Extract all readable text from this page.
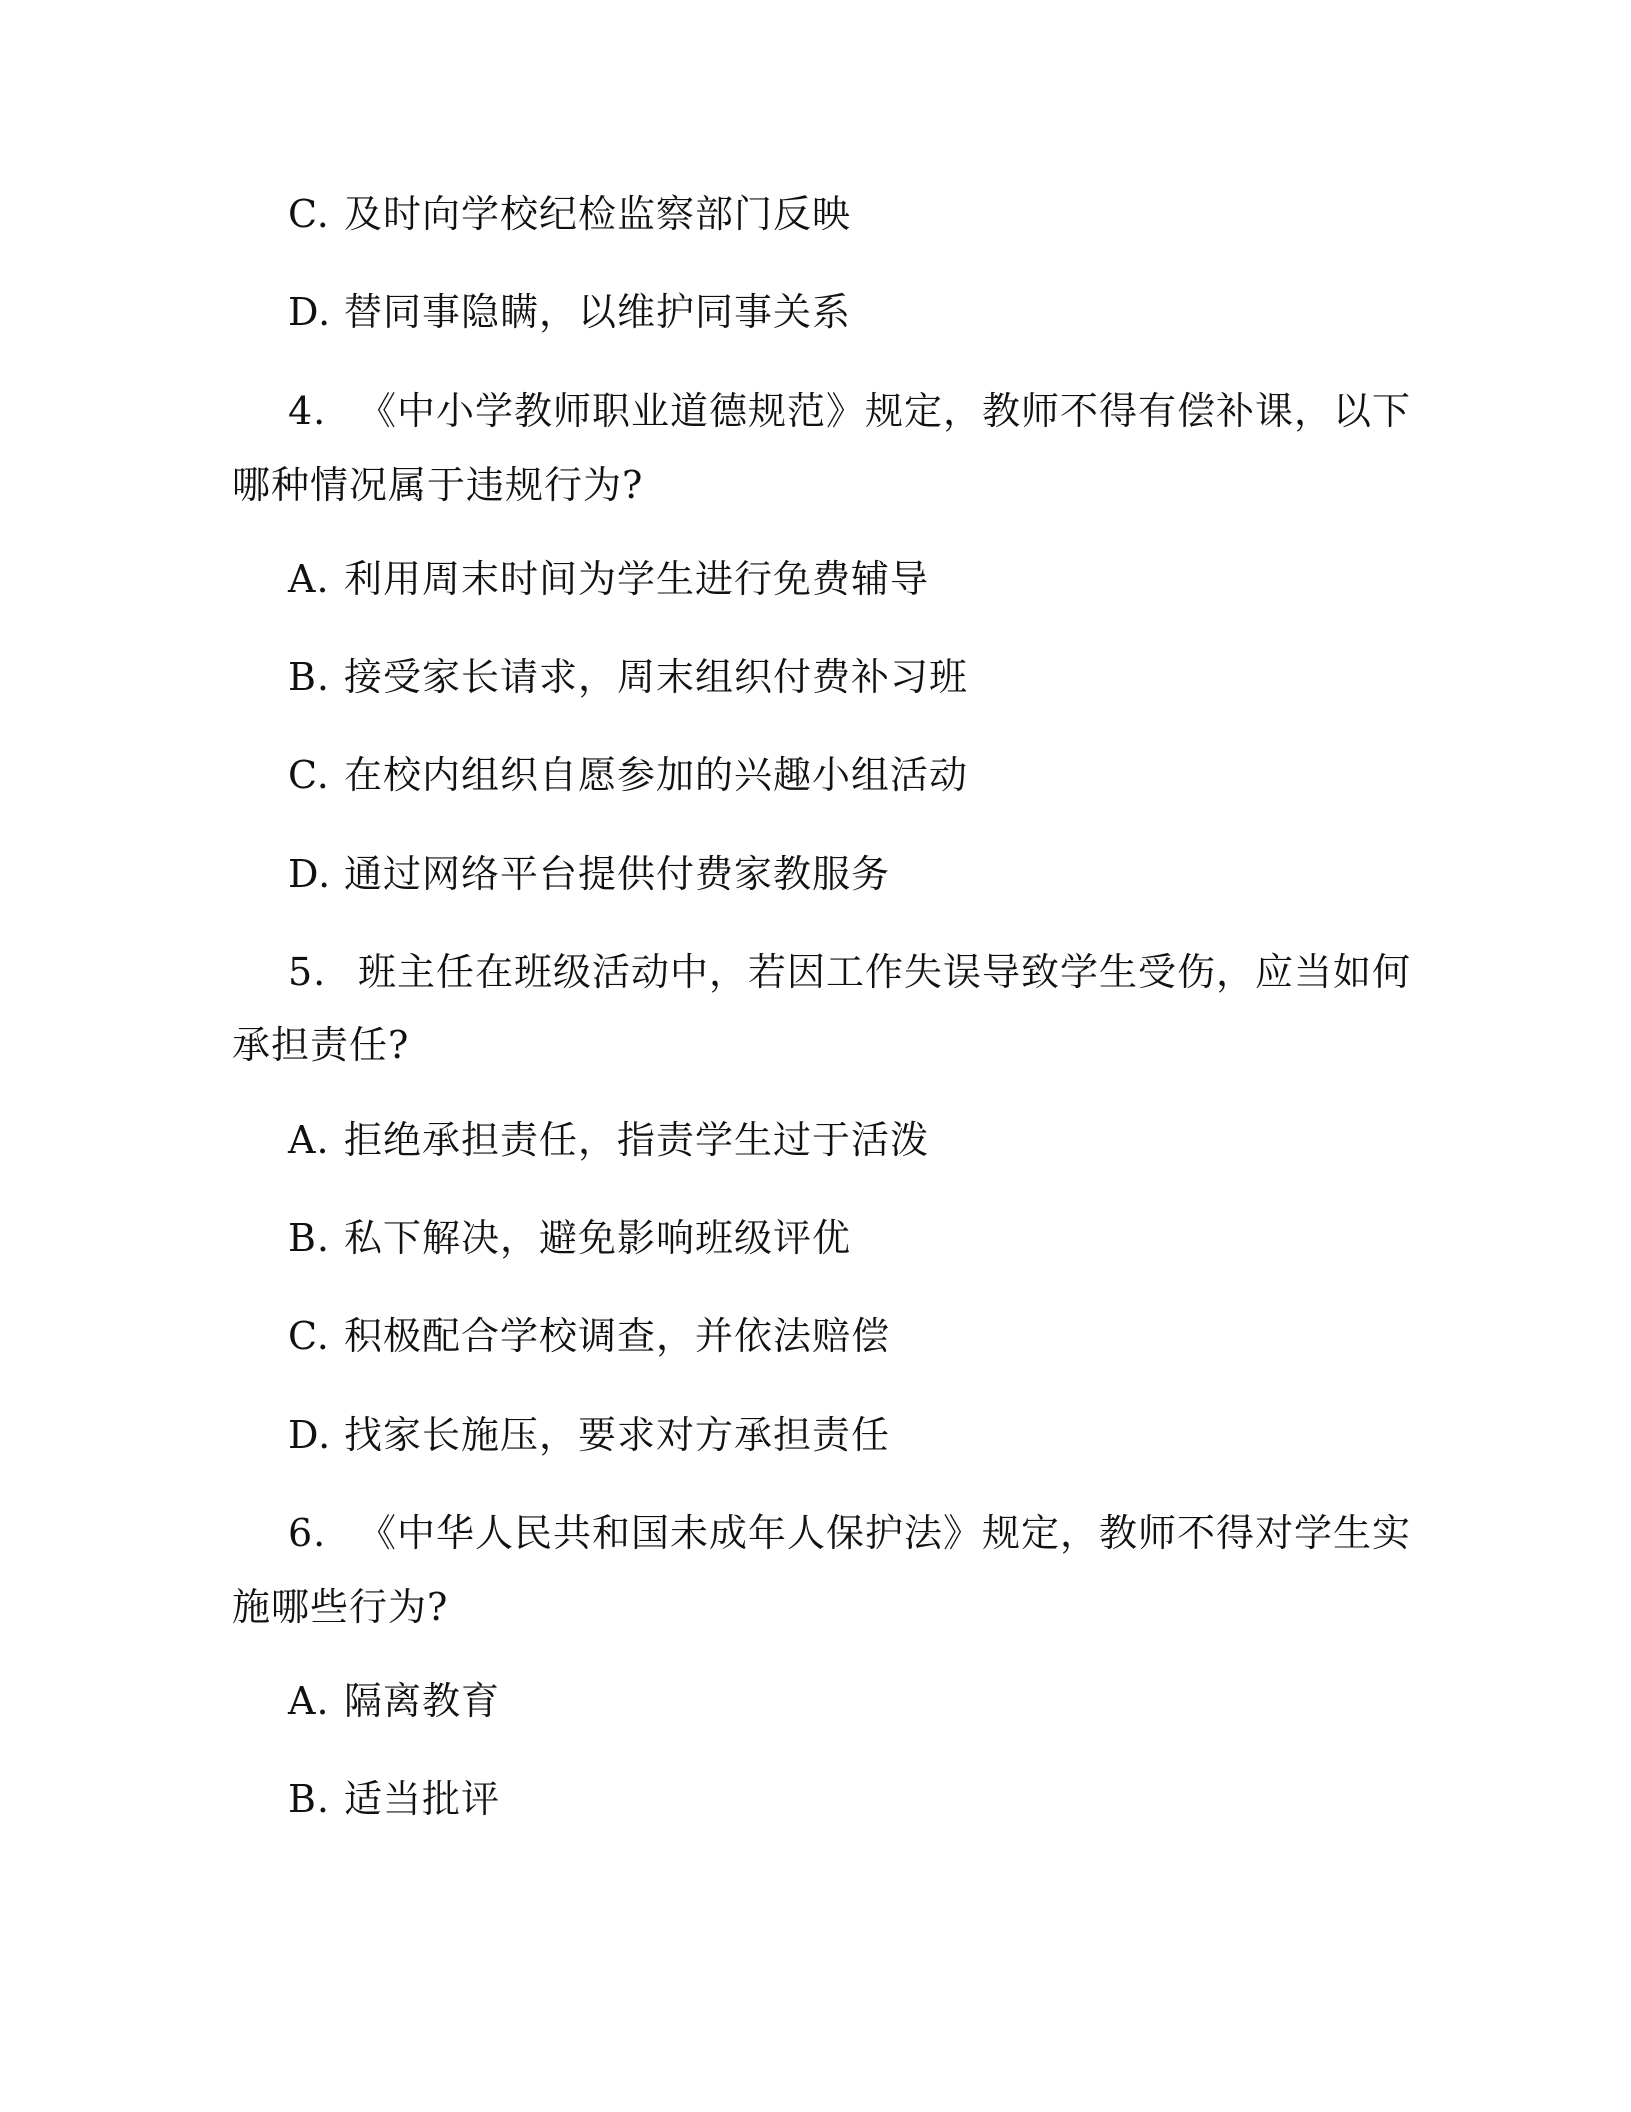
C. 及时向学校纪检监察部门反映
D. 替同事隐瞒，以维护同事关系
4. 《中小学教师职业道德规范》规定，教师不得有偿补课，以下
哪种情况属于违规行为?
A. 利用周末时间为学生进行免费辅导
B. 接受家长请求，周末组织付费补习班
C. 在校内组织自愿参加的兴趣小组活动
D. 通过网络平台提供付费家教服务
5. 班主任在班级活动中，若因工作失误导致学生受伤，应当如何
承担责任?
A. 拒绝承担责任，指责学生过于活泼
B. 私下解决，避免影响班级评优
C. 积极配合学校调查，并依法赔偿
D. 找家长施压，要求对方承担责任
6. 《中华人民共和国未成年人保护法》规定，教师不得对学生实
施哪些行为?
A. 隔离教育
B. 适当批评
